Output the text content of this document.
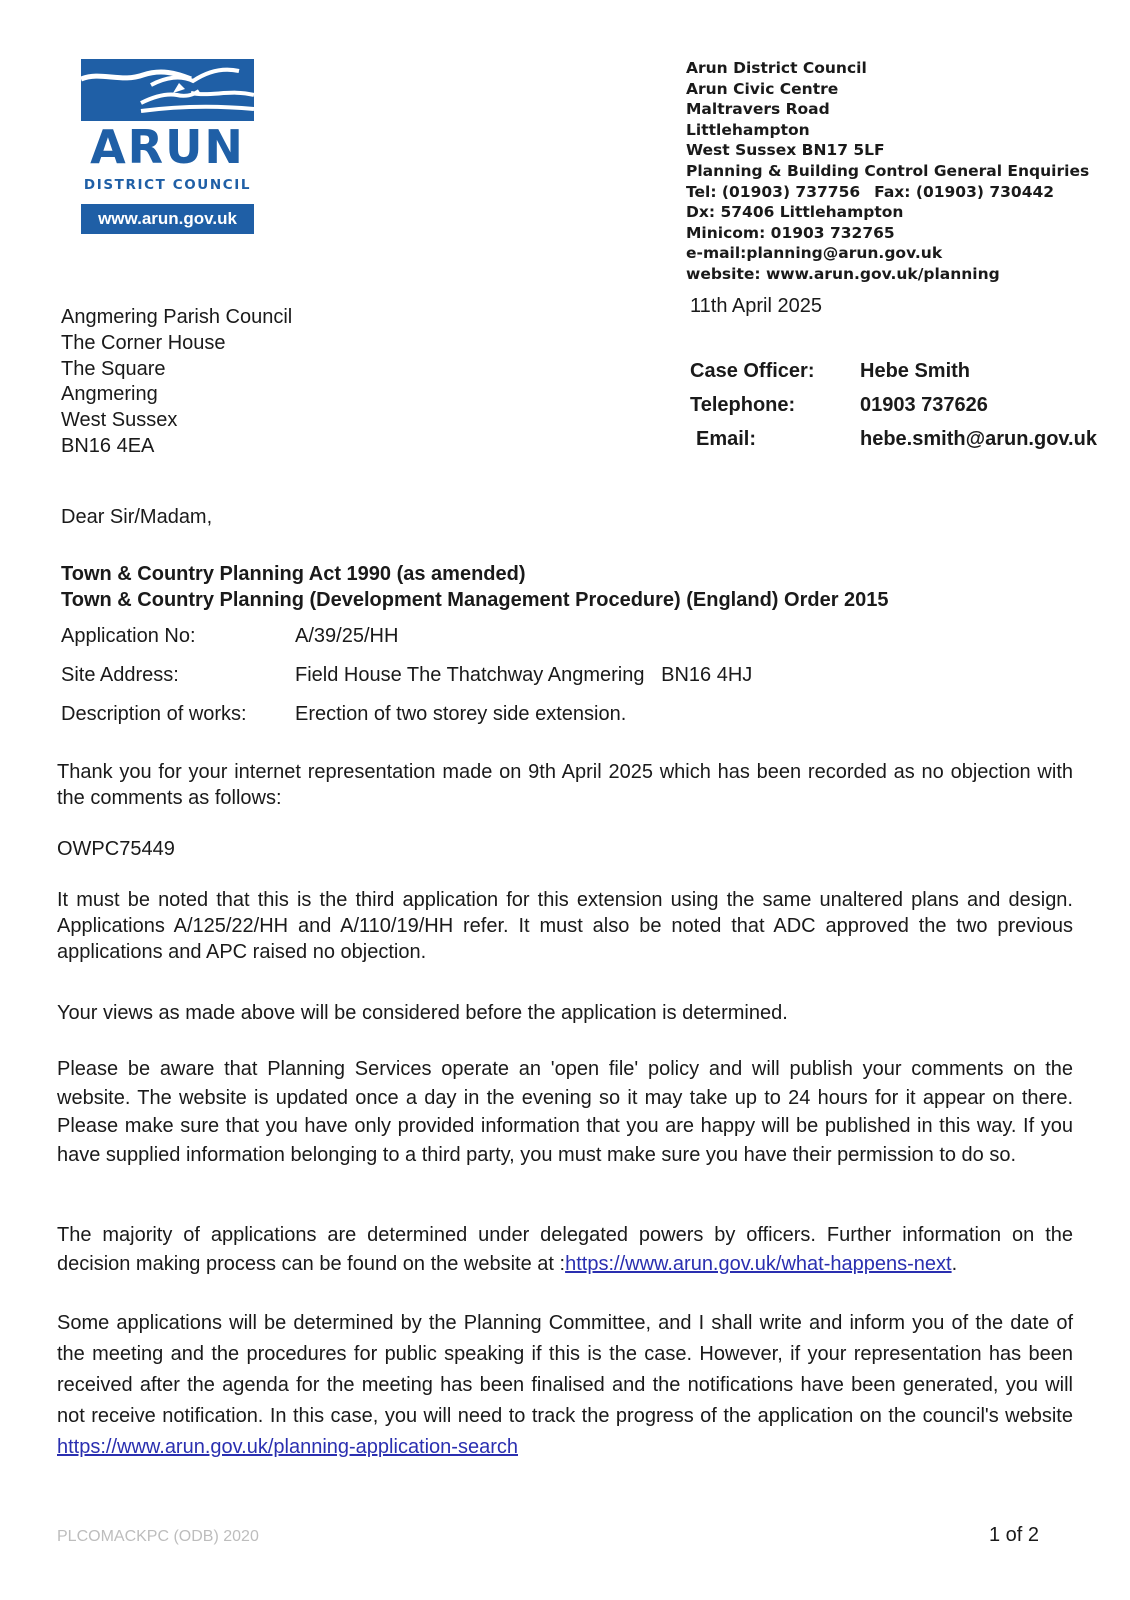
ARUN
DISTRICT COUNCIL
www.arun.gov.uk
Arun District Council
Arun Civic Centre
Maltravers Road
Littlehampton
West Sussex BN17 5LF
Planning & Building Control General Enquiries
Tel: (01903) 737756 Fax: (01903) 730442
Dx: 57406 Littlehampton
Minicom: 01903 732765
e-mail:planning@arun.gov.uk
website: www.arun.gov.uk/planning
11th April 2025
Angmering Parish Council
The Corner House
The Square
Angmering
West Sussex
BN16 4EA
Case Officer: Hebe Smith
Telephone:	01903 737626
Email:	hebe.smith@arun.gov.uk
Dear Sir/Madam,
Town & Country Planning Act 1990 (as amended)
Town & Country Planning (Development Management Procedure) (England) Order 2015
Application No:	A/39/25/HH
Site Address:	Field House The Thatchway Angmering   BN16 4HJ
Description of works: Erection of two storey side extension.
Thank you for your internet representation made on 9th April 2025 which has been recorded as no objection with the comments as follows:
OWPC75449
It must be noted that this is the third application for this extension using the same unaltered plans and design. Applications A/125/22/HH and A/110/19/HH refer. It must also be noted that ADC approved the two previous applications and APC raised no objection.
Your views as made above will be considered before the application is determined.
Please be aware that Planning Services operate an 'open file' policy and will publish your comments on the website. The website is updated once a day in the evening so it may take up to 24 hours for it appear on there. Please make sure that you have only provided information that you are happy will be published in this way. If you have supplied information belonging to a third party, you must make sure you have their permission to do so.
The majority of applications are determined under delegated powers by officers. Further information on the decision making process can be found on the website at :https://www.arun.gov.uk/what-happens-next.
Some applications will be determined by the Planning Committee, and I shall write and inform you of the date of the meeting and the procedures for public speaking if this is the case. However, if your representation has been received after the agenda for the meeting has been finalised and the notifications have been generated, you will not receive notification. In this case, you will need to track the progress of the application on the council's website https://www.arun.gov.uk/planning-application-search
PLCOMACKPC (ODB) 2020	1 of 2
